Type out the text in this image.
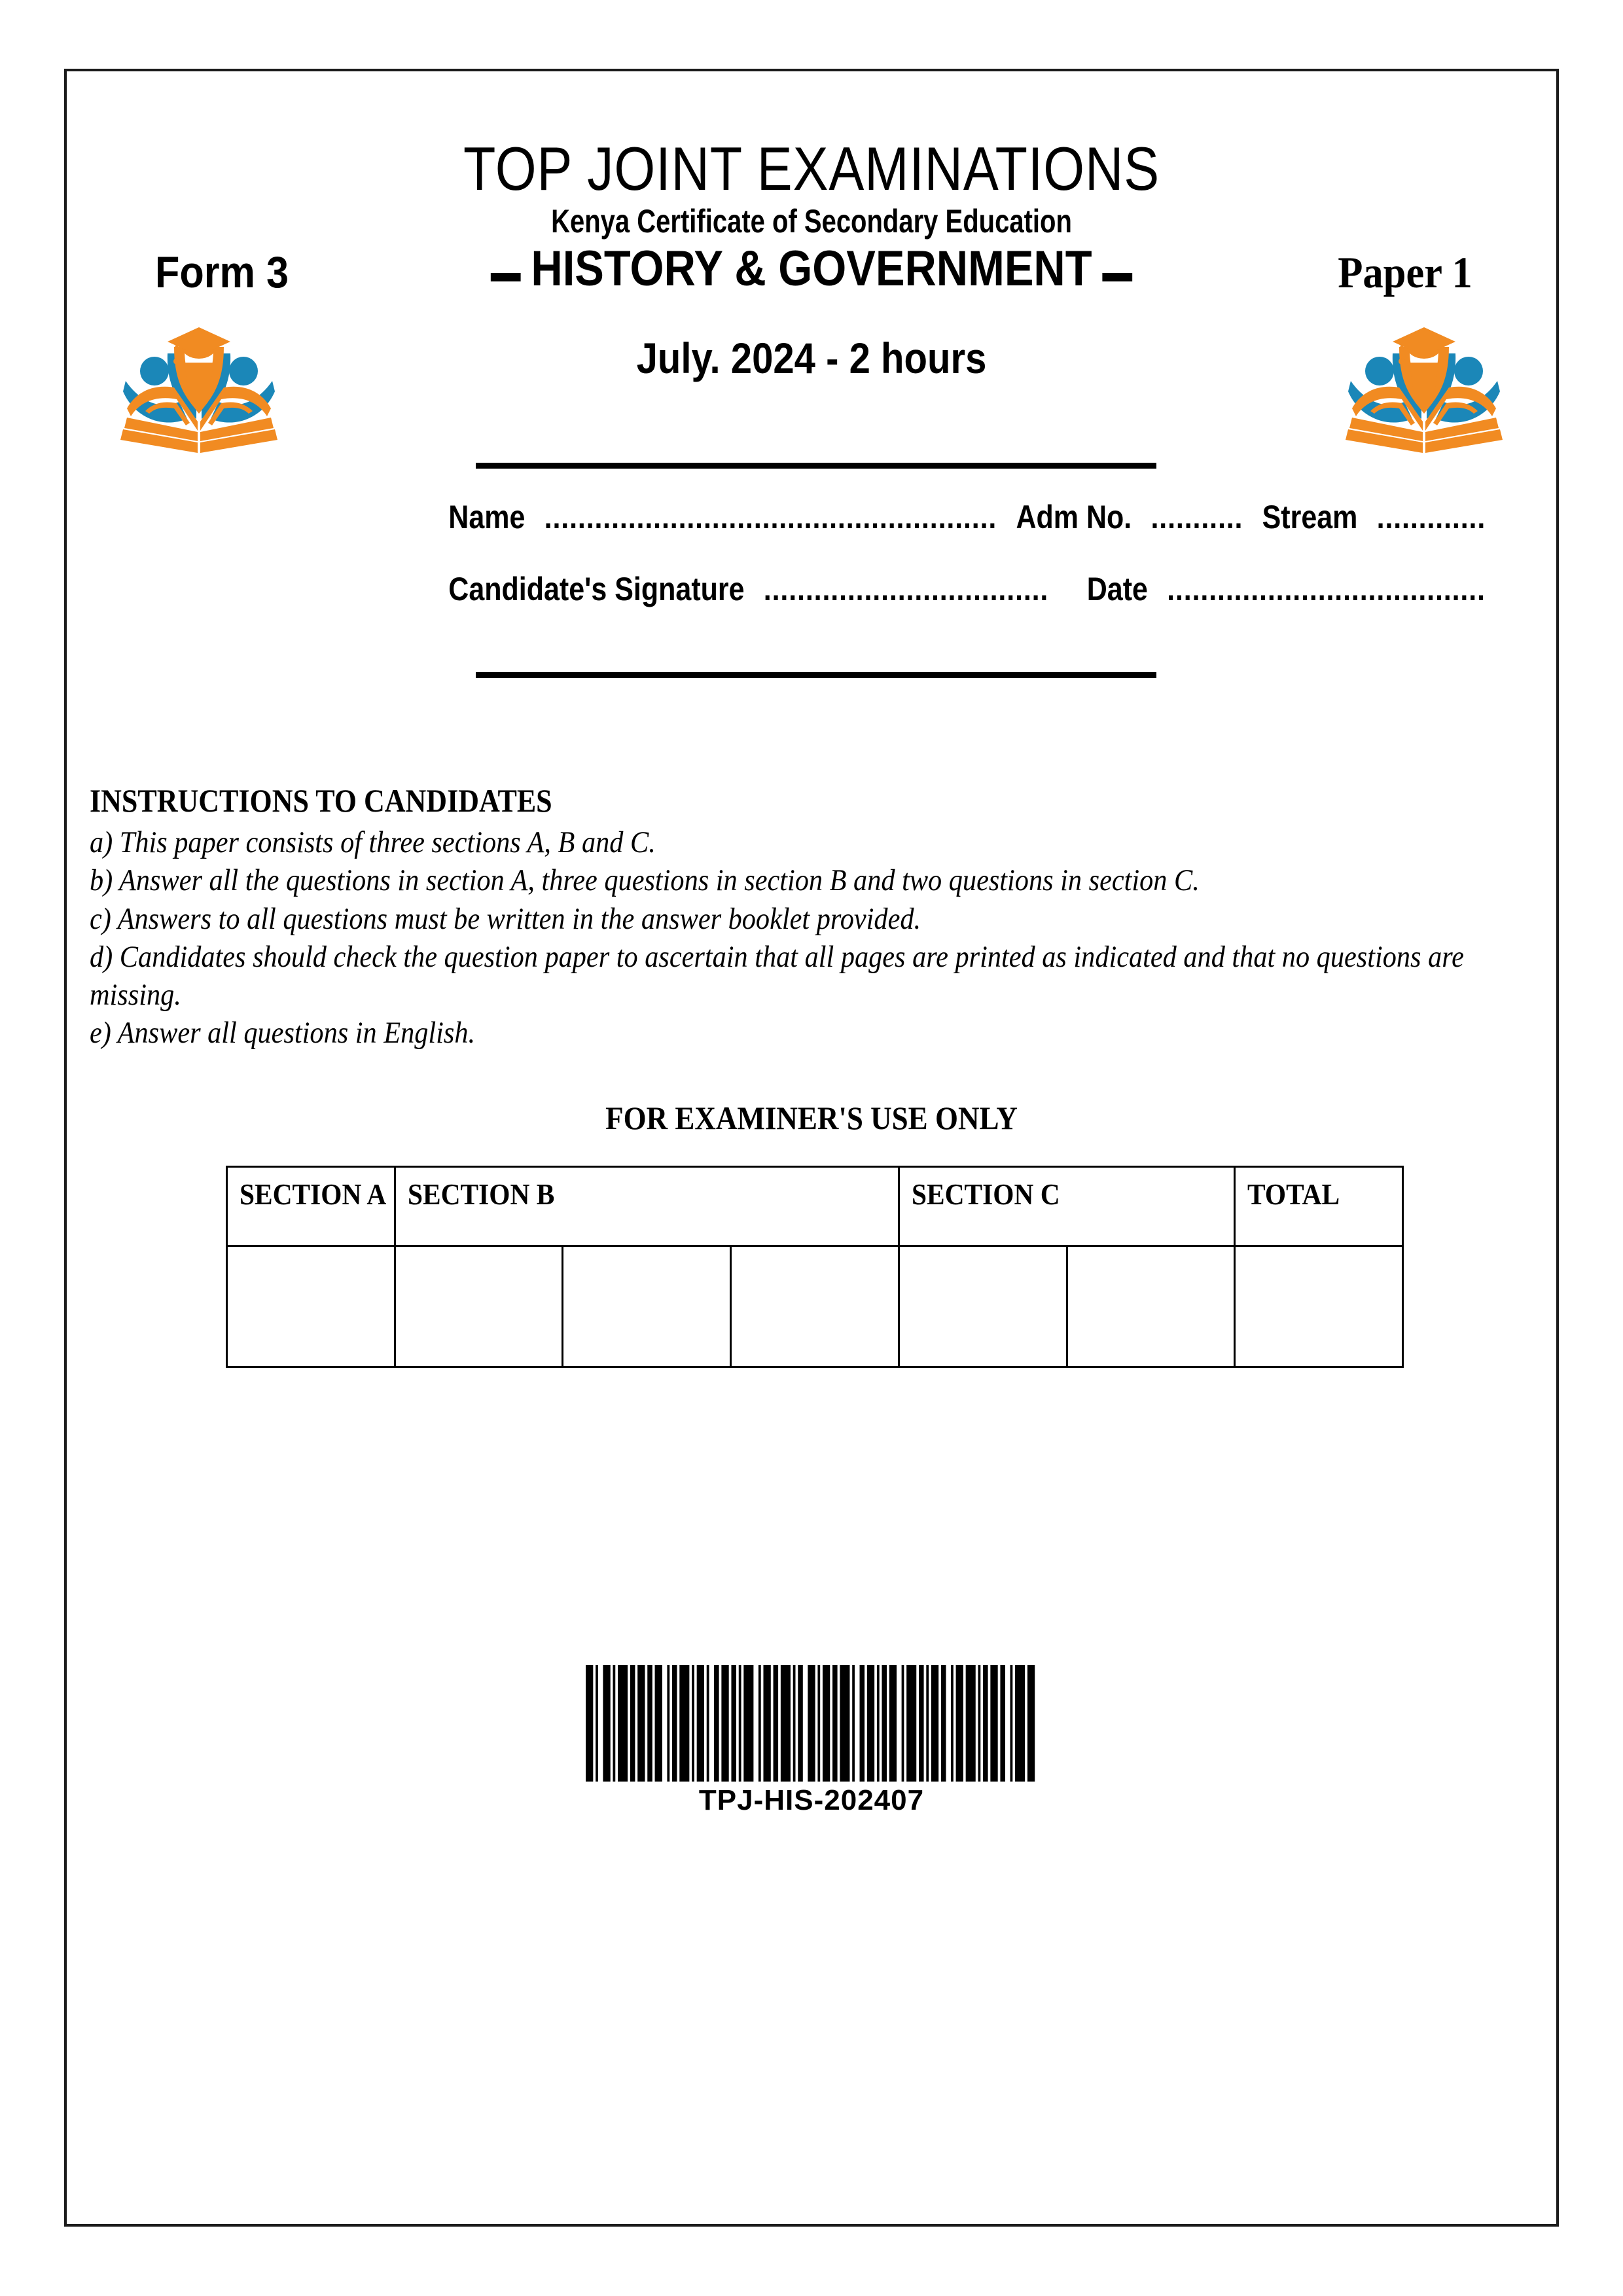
TOP JOINT EXAMINATIONS
Kenya Certificate of Secondary Education
HISTORY & GOVERNMENT
Form 3	Paper 1
July. 2024 - 2 hours
Name ...................................................... Adm No. ........... Stream .............
Candidate's Signature .................................. Date ......................................
INSTRUCTIONS TO CANDIDATES
a) This paper consists of three sections A, B and C.
b) Answer all the questions in section A, three questions in section B and two questions in section C.
c) Answers to all questions must be written in the answer booklet provided.
d) Candidates should check the question paper to ascertain that all pages are printed as indicated and that no questions are missing.
e) Answer all questions in English.
FOR EXAMINER'S USE ONLY
SECTION A	SECTION B			SECTION C		TOTAL

TPJ-HIS-202407
